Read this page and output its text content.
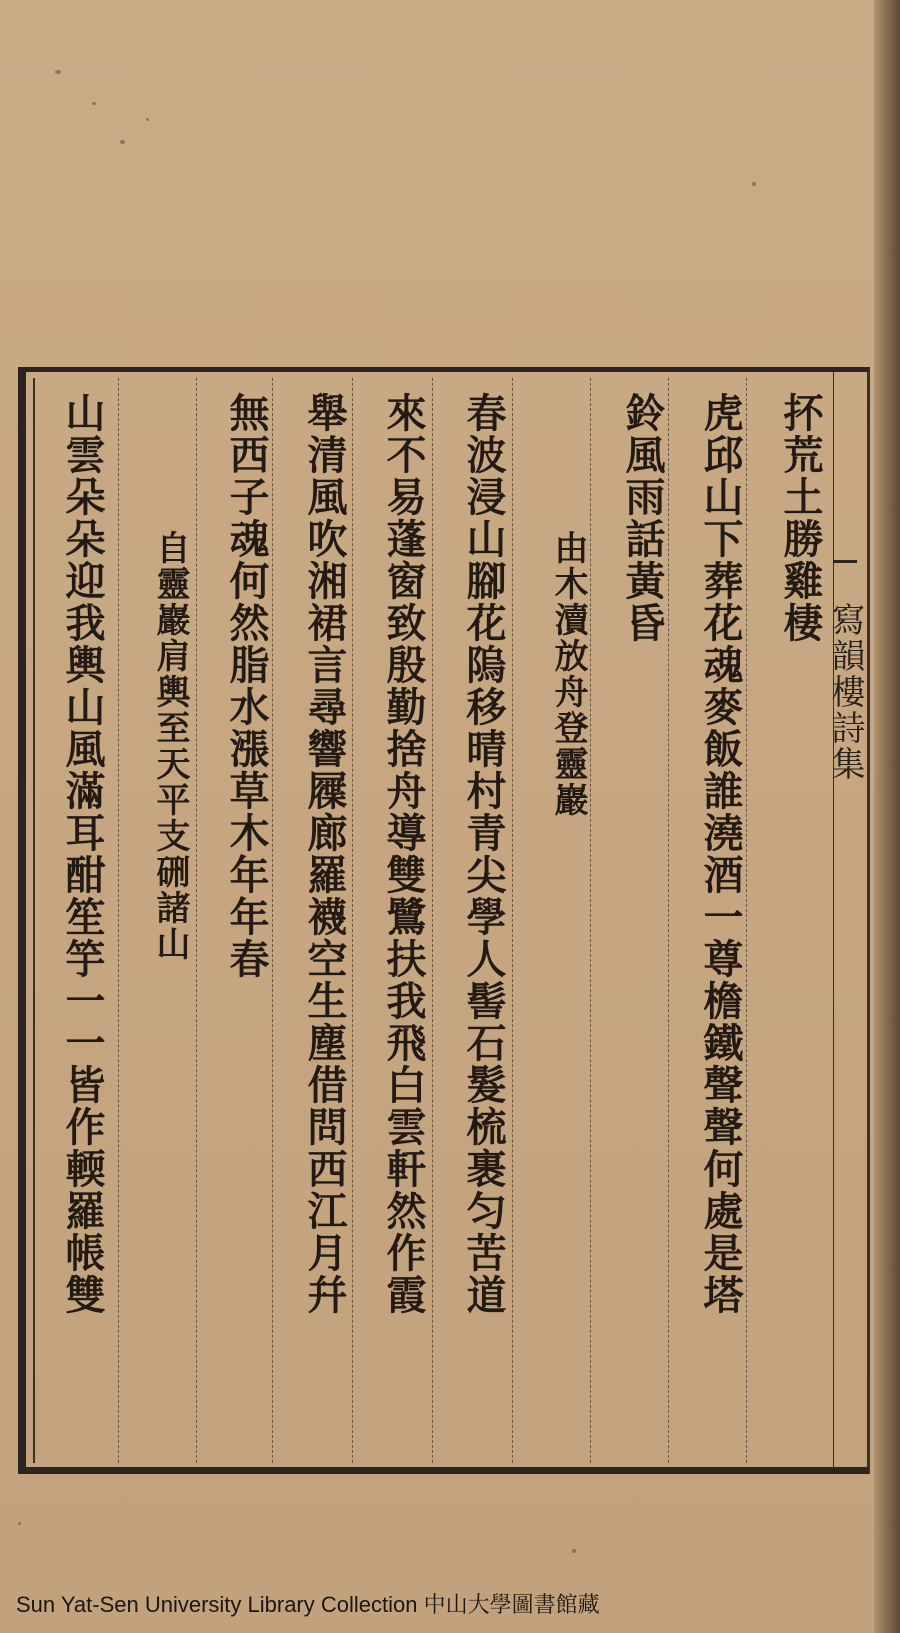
寫韻樓詩集
抔荒土勝雞棲
虎邱山下葬花魂麥飯誰澆酒一尊檐鐵聲聲何處是塔
鈴風雨話黃昏
由木瀆放舟登靈巖
春波浸山腳花隖移晴村青尖學人髻石髮梳裹匀苦道
來不易蓬窗致殷勤捨舟導雙鷺扶我飛白雲軒然作霞
舉清風吹湘裙言尋響屧廊羅襪空生塵借問西江月幷
無西子魂何然脂水漲草木年年春
自靈巖肩輿至天平支硎諸山
山雲朵朵迎我輿山風滿耳酣笙竽一一皆作輭羅帳雙
Sun Yat-Sen University Library Collection 中山大學圖書館藏
